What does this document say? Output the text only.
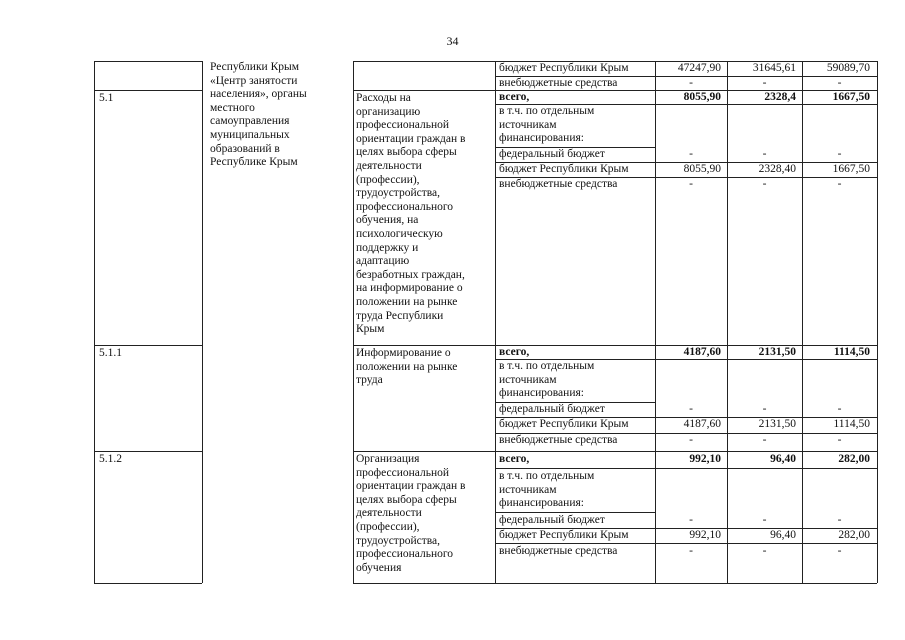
34
Республики Крым
«Центр занятости
населения», органы
местного
самоуправления
муниципальных
образований в
Республике Крым
бюджет Республики Крым	47247,90	31645,61	59089,70
внебюджетные средства	-	-	-
5.1	Расходы на
организацию
профессиональной
ориентации граждан в
целях выбора сферы
деятельности
(профессии),
трудоустройства,
профессионального
обучения, на
психологическую
поддержку и
адаптацию
безработных граждан,
на информирование о
положении на рынке
труда Республики
Крым
всего,	8055,90	2328,4	1667,50
в т.ч. по отдельным
источникам
финансирования:
федеральный бюджет	-	-	-
бюджет Республики Крым	8055,90	2328,40	1667,50
внебюджетные средства	-	-	-
5.1.1	Информирование о
положении на рынке
труда
всего,	4187,60	2131,50	1114,50
в т.ч. по отдельным
источникам
финансирования:
федеральный бюджет	-	-	-
бюджет Республики Крым	4187,60	2131,50	1114,50
внебюджетные средства	-	-	-
5.1.2	Организация
профессиональной
ориентации граждан в
целях выбора сферы
деятельности
(профессии),
трудоустройства,
профессионального
обучения
всего,	992,10	96,40	282,00
в т.ч. по отдельным
источникам
финансирования:
федеральный бюджет	-	-	-
бюджет Республики Крым	992,10	96,40	282,00
внебюджетные средства	-	-	-
